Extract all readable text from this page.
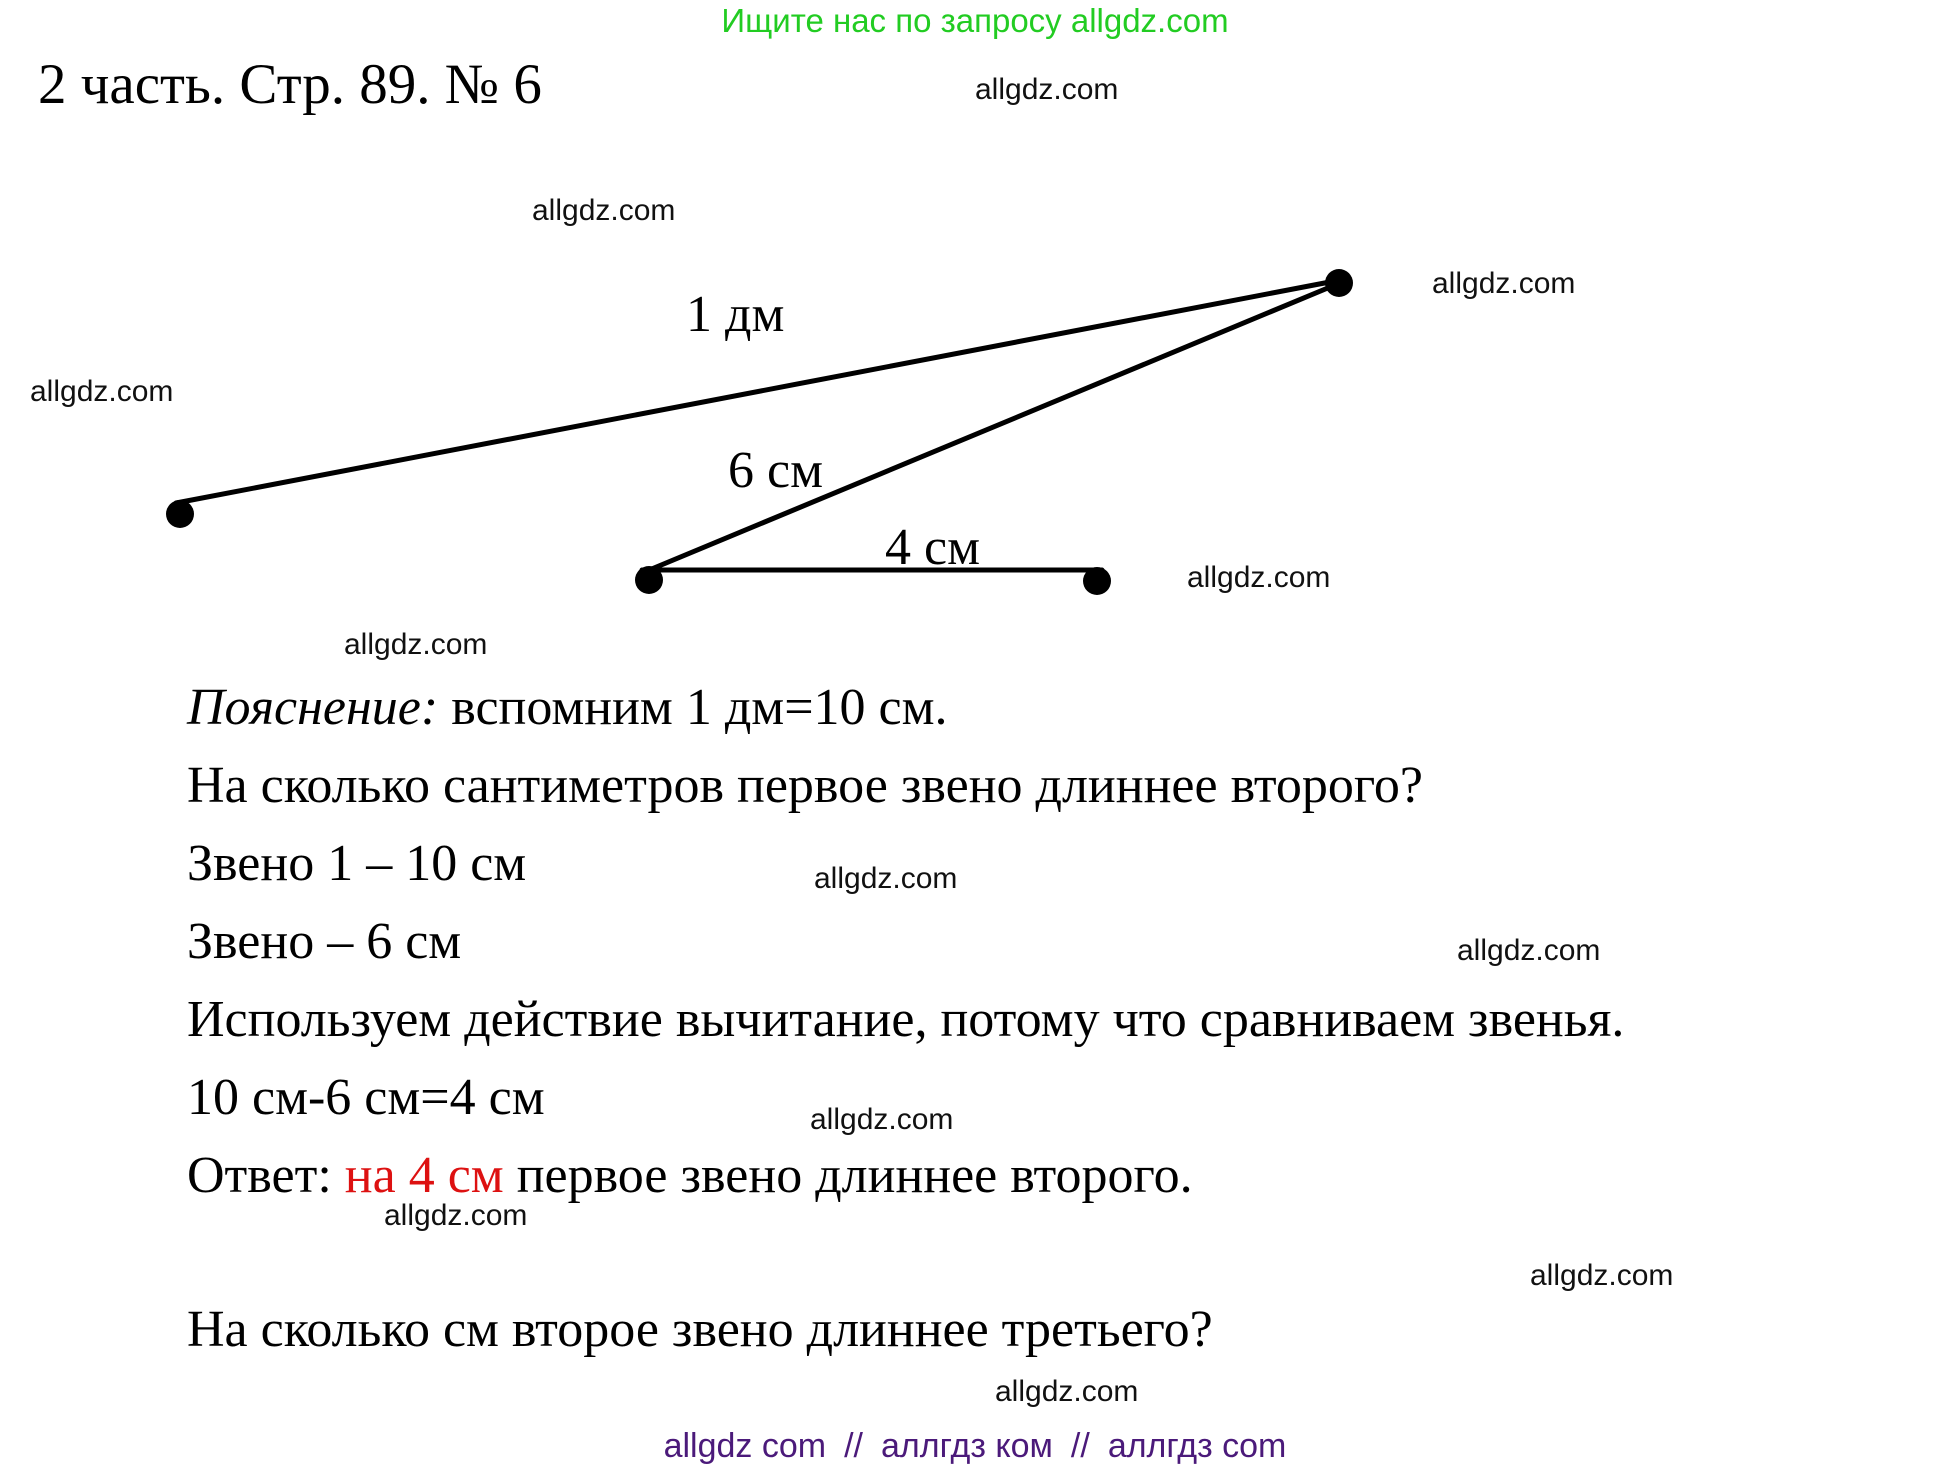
Ищите нас по запросу allgdz.com
2 часть. Стр. 89. № 6
1 дм
6 см
4 см
Пояснение: вспомним 1 дм=10 см.
На сколько сантиметров первое звено длиннее второго?
Звено 1 – 10 см
Звено – 6 см
Используем действие вычитание, потому что сравниваем звенья.
10 см-6 см=4 см
Ответ: на 4 см первое звено длиннее второго.
На сколько см второе звено длиннее третьего?
allgdz.com
allgdz.com
allgdz.com
allgdz.com
allgdz.com
allgdz.com
allgdz.com
allgdz.com
allgdz.com
allgdz.com
allgdz.com
allgdz.com
allgdz com // аллгдз ком // аллгдз com
